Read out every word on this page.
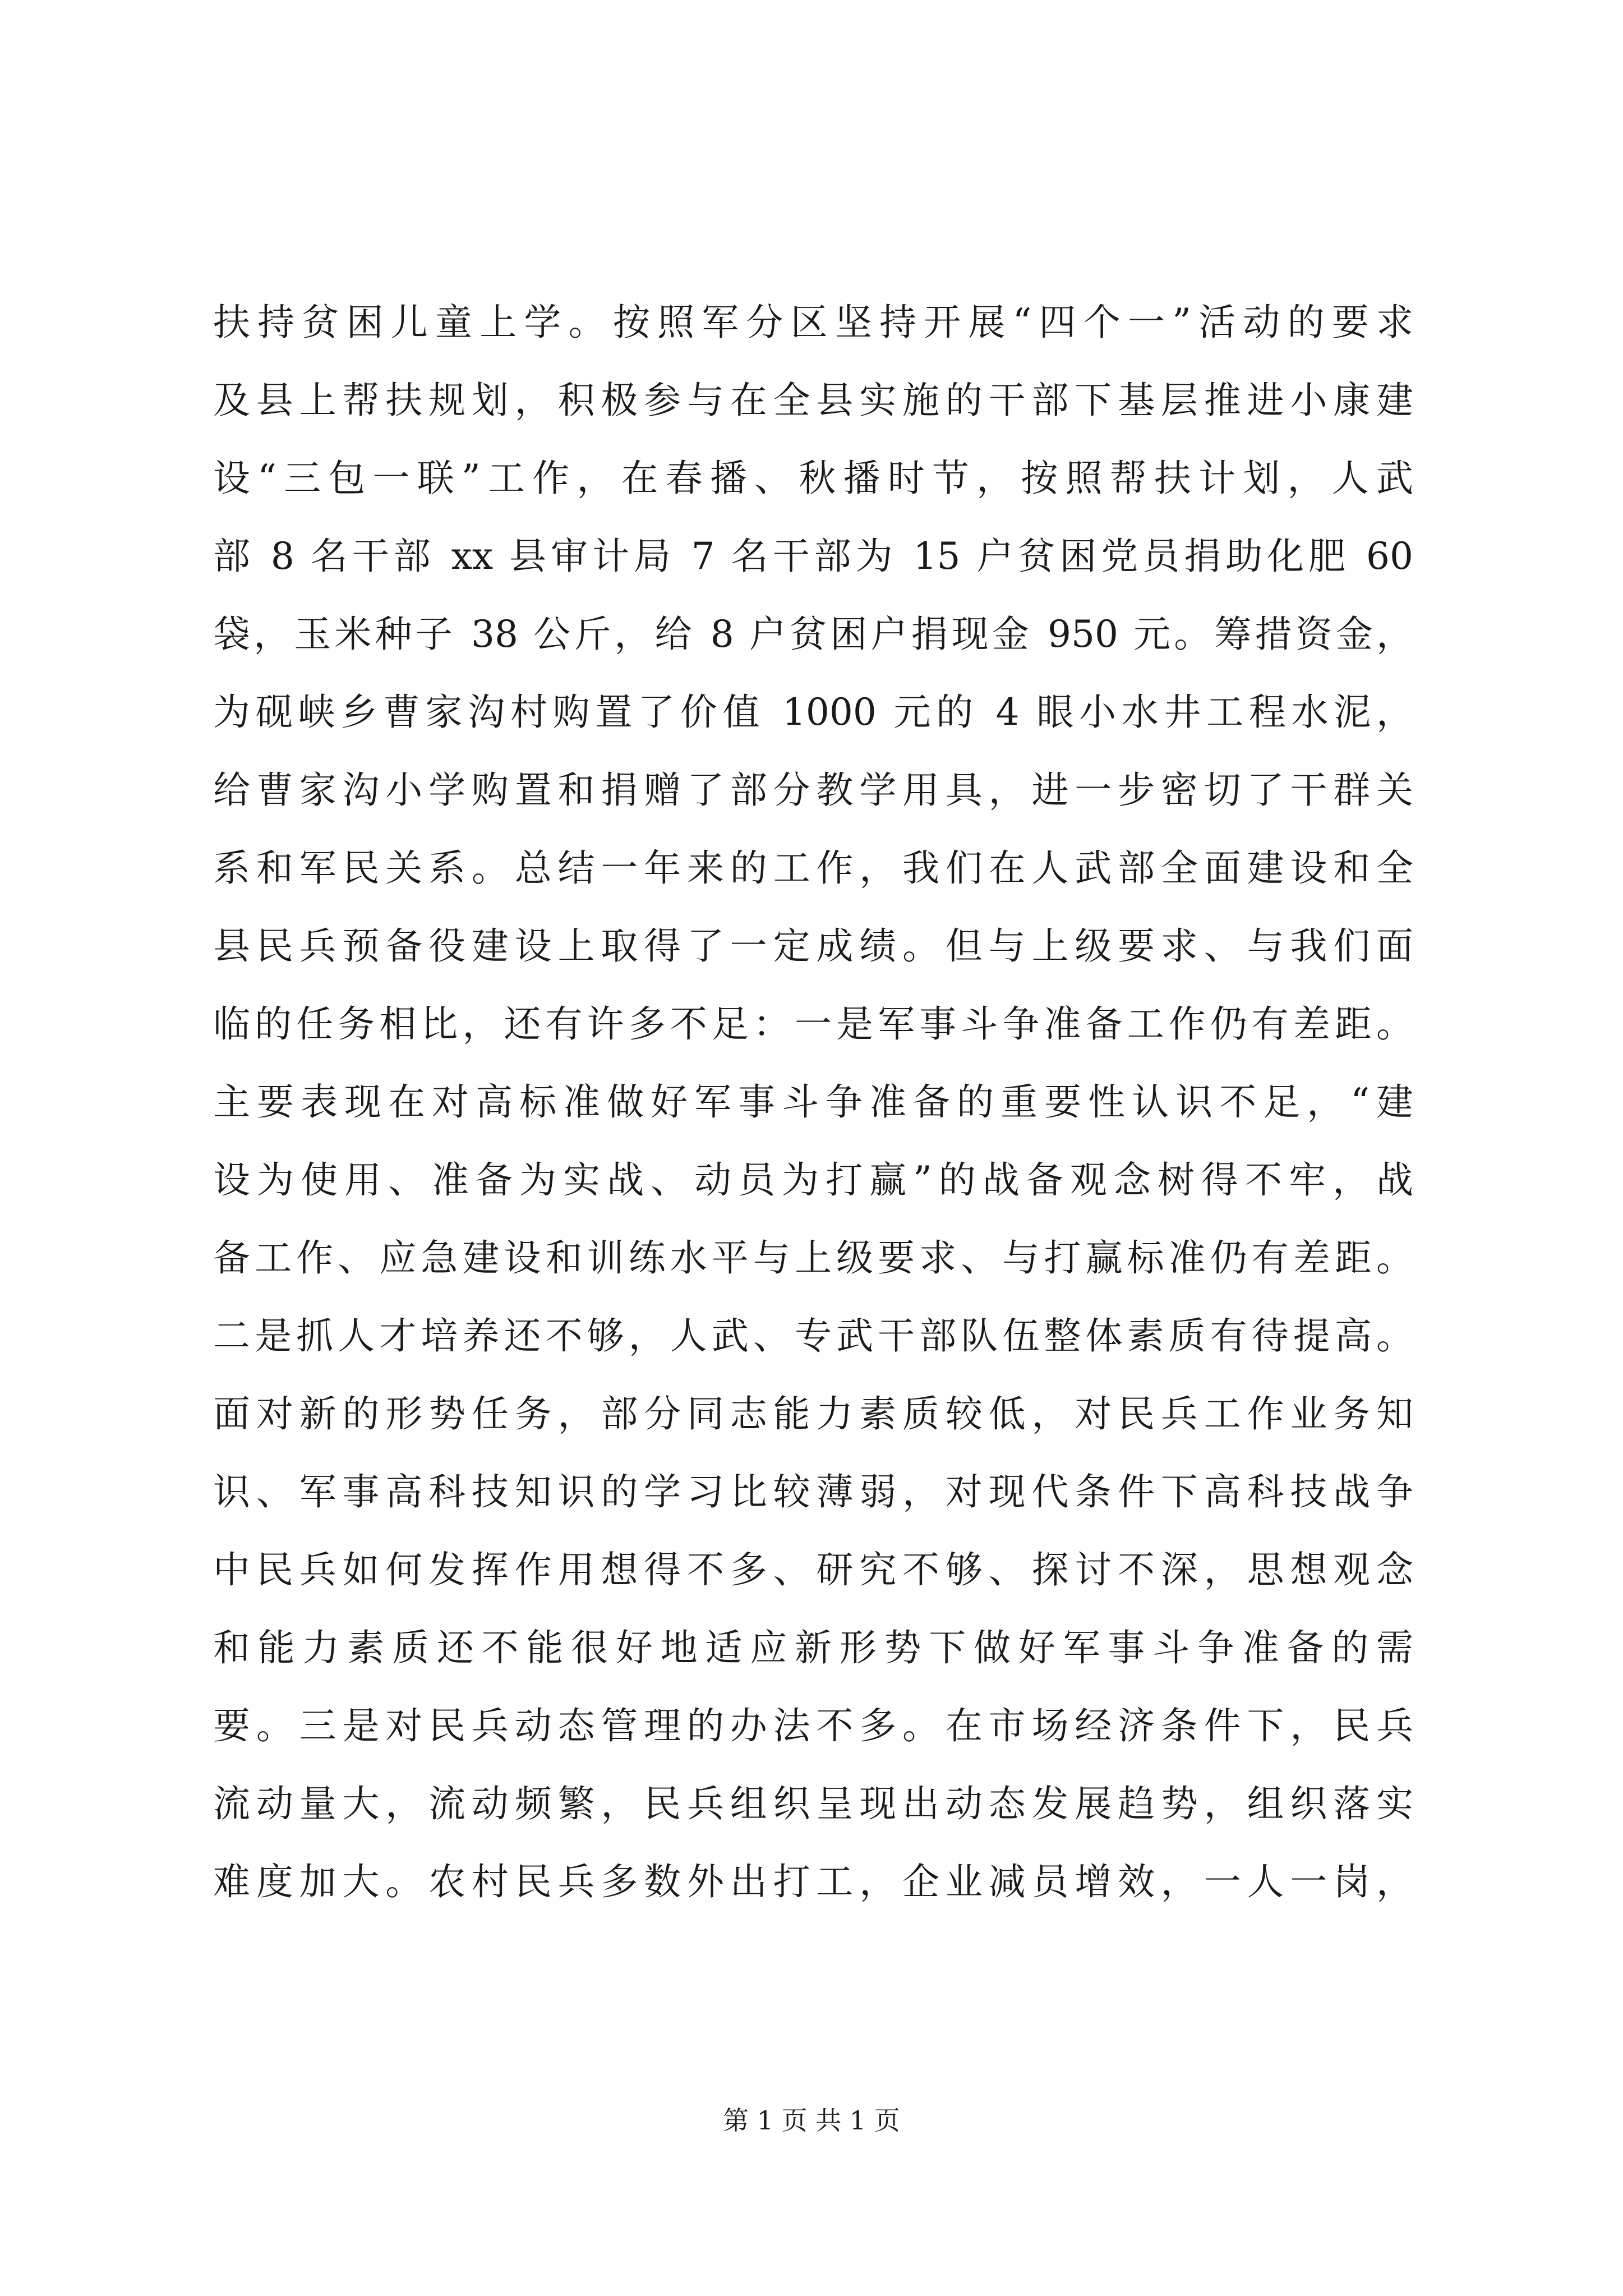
扶持贫困儿童上学。按照军分区坚持开展“四个一”活动的要求
及县上帮扶规划，积极参与在全县实施的干部下基层推进小康建
设“三包一联”工作，在春播、秋播时节，按照帮扶计划，人武
部 8 名干部 xx 县审计局 7 名干部为 15 户贫困党员捐助化肥 60
袋，玉米种子 38 公斤，给 8 户贫困户捐现金 950 元。筹措资金，
为砚峡乡曹家沟村购置了价值 1000 元的 4 眼小水井工程水泥，
给曹家沟小学购置和捐赠了部分教学用具，进一步密切了干群关
系和军民关系。总结一年来的工作，我们在人武部全面建设和全
县民兵预备役建设上取得了一定成绩。但与上级要求、与我们面
临的任务相比，还有许多不足：一是军事斗争准备工作仍有差距。
主要表现在对高标准做好军事斗争准备的重要性认识不足，“建
设为使用、准备为实战、动员为打赢”的战备观念树得不牢，战
备工作、应急建设和训练水平与上级要求、与打赢标准仍有差距。
二是抓人才培养还不够，人武、专武干部队伍整体素质有待提高。
面对新的形势任务，部分同志能力素质较低，对民兵工作业务知
识、军事高科技知识的学习比较薄弱，对现代条件下高科技战争
中民兵如何发挥作用想得不多、研究不够、探讨不深，思想观念
和能力素质还不能很好地适应新形势下做好军事斗争准备的需
要。三是对民兵动态管理的办法不多。在市场经济条件下，民兵
流动量大，流动频繁，民兵组织呈现出动态发展趋势，组织落实
难度加大。农村民兵多数外出打工，企业减员增效，一人一岗，
第 1 页 共 1 页
